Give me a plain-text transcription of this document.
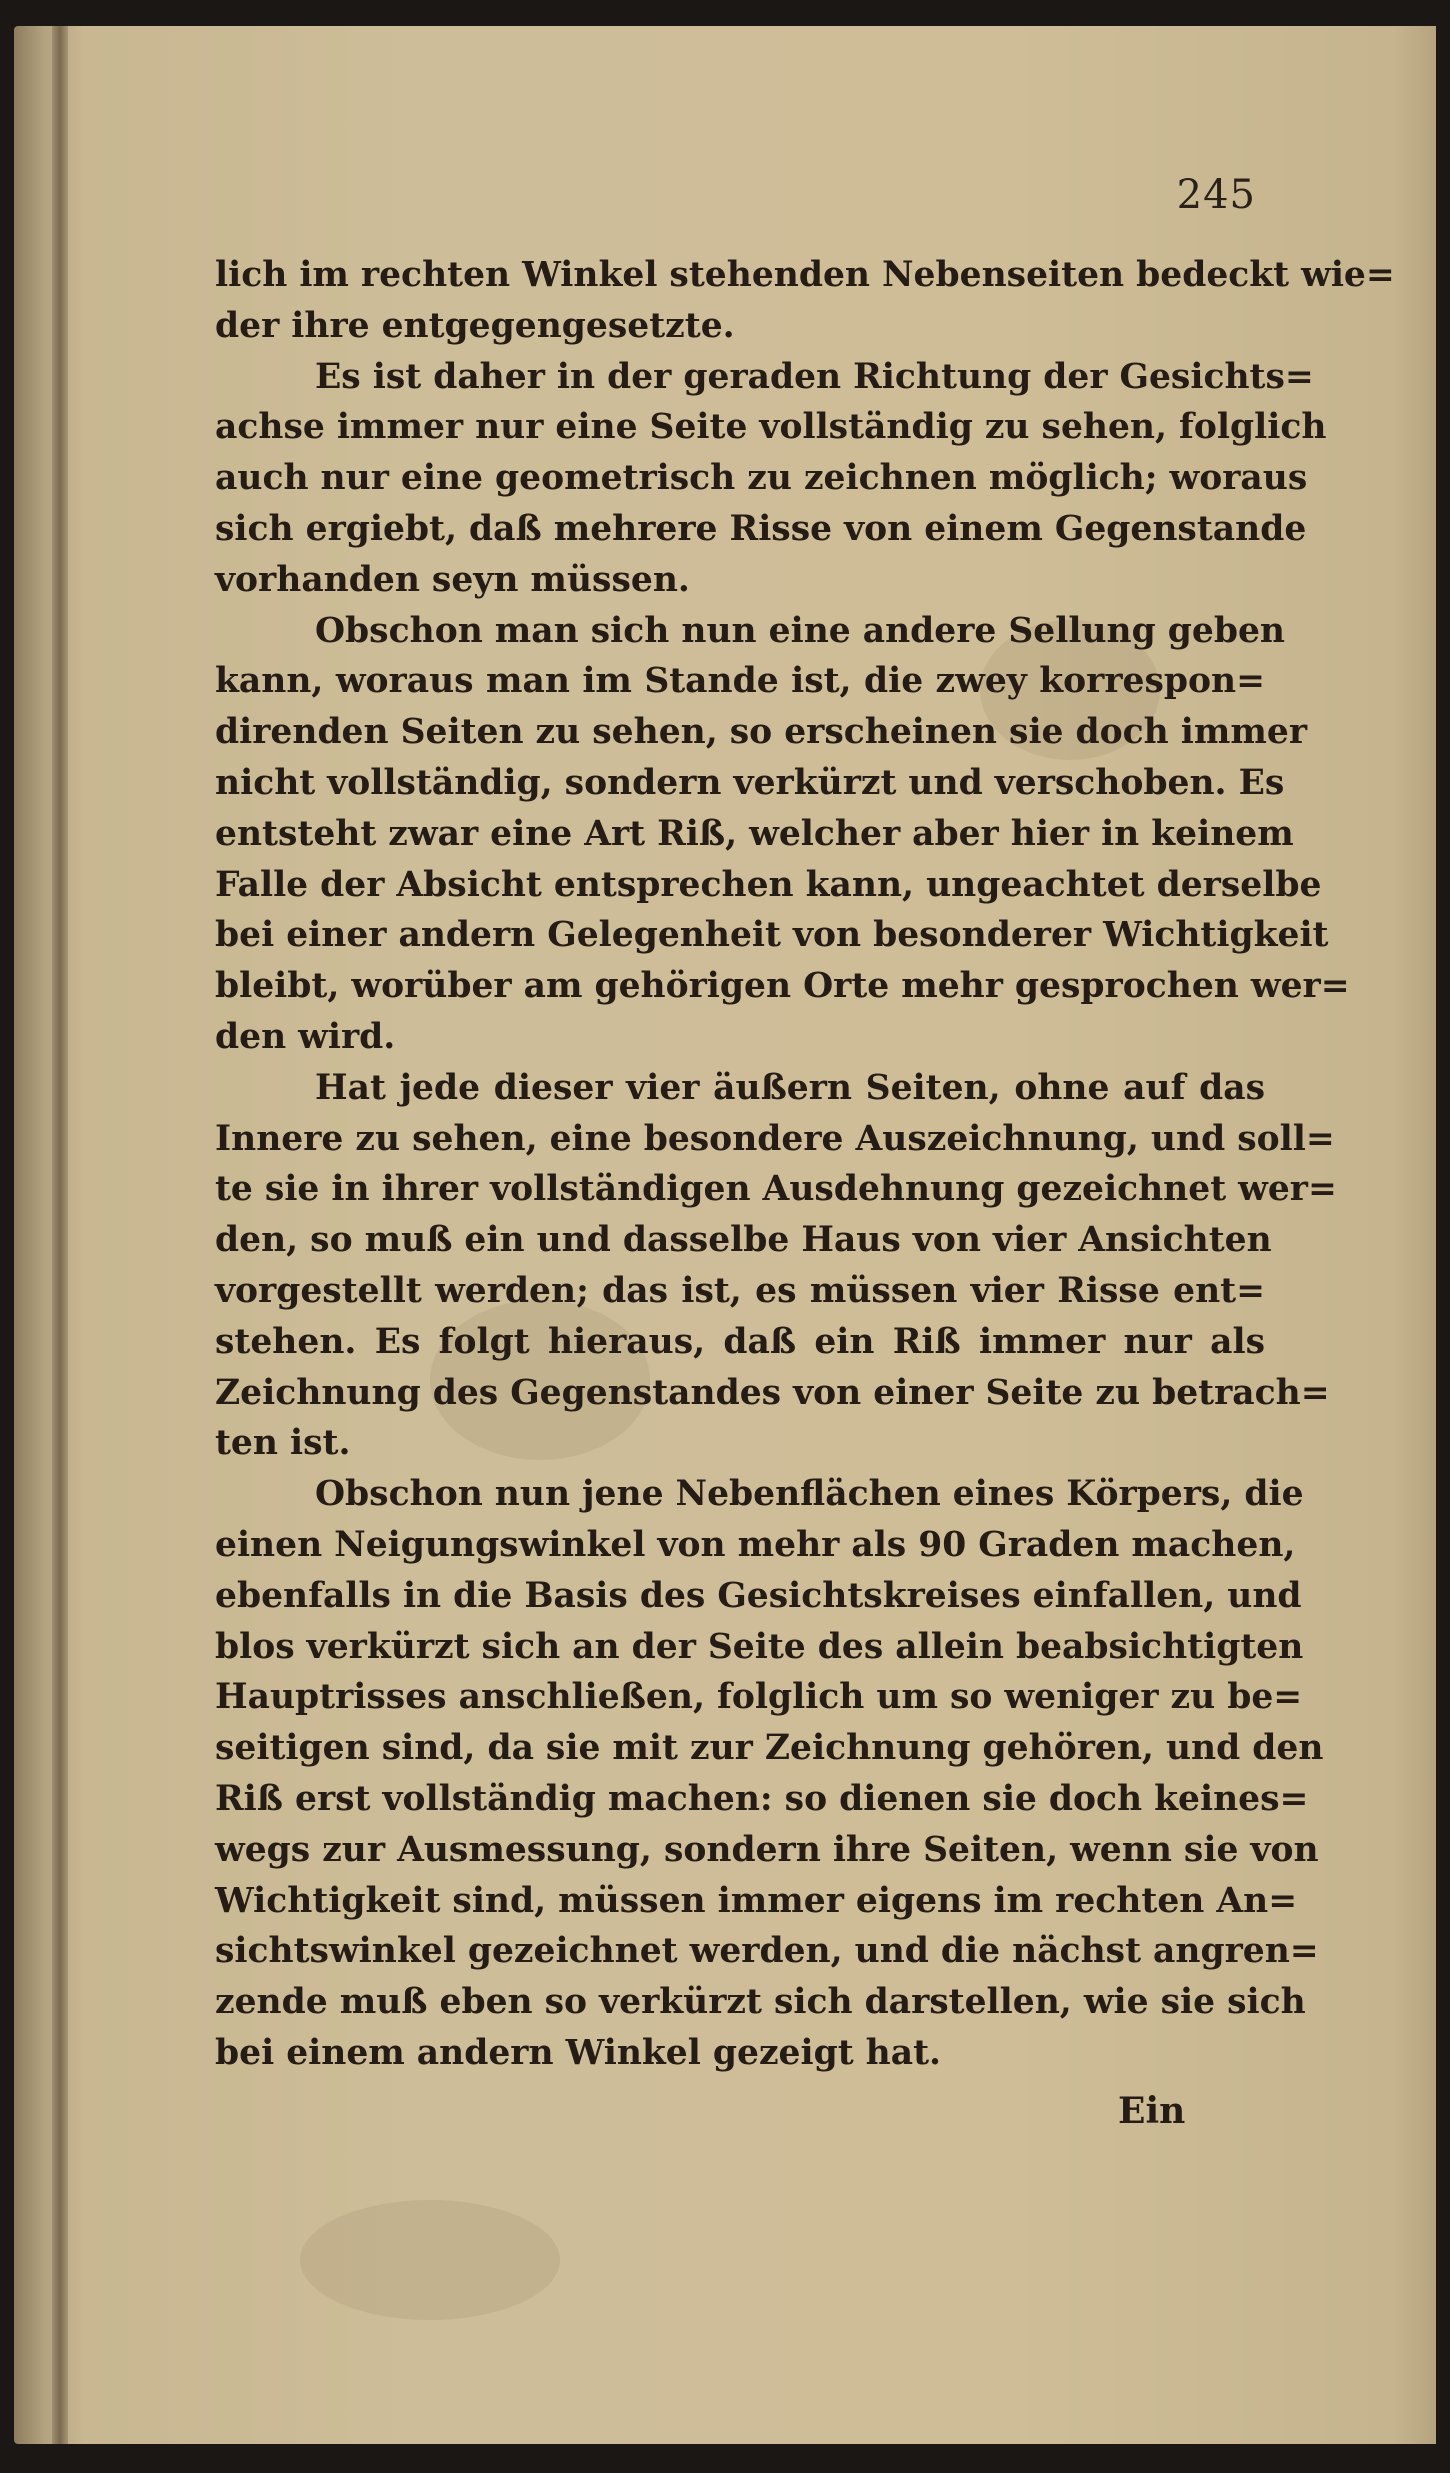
245
lich im rechten Winkel stehenden Nebenseiten bedeckt wie=
der ihre entgegengesetzte.
Es ist daher in der geraden Richtung der Gesichts=
achse immer nur eine Seite vollständig zu sehen, folglich
auch nur eine geometrisch zu zeichnen möglich; woraus
sich ergiebt, daß mehrere Risse von einem Gegenstande
vorhanden seyn müssen.
Obschon man sich nun eine andere Sellung geben
kann, woraus man im Stande ist, die zwey korrespon=
direnden Seiten zu sehen, so erscheinen sie doch immer
nicht vollständig, sondern verkürzt und verschoben. Es
entsteht zwar eine Art Riß, welcher aber hier in keinem
Falle der Absicht entsprechen kann, ungeachtet derselbe
bei einer andern Gelegenheit von besonderer Wichtigkeit
bleibt, worüber am gehörigen Orte mehr gesprochen wer=
den wird.
Hat jede dieser vier äußern Seiten, ohne auf das
Innere zu sehen, eine besondere Auszeichnung, und soll=
te sie in ihrer vollständigen Ausdehnung gezeichnet wer=
den, so muß ein und dasselbe Haus von vier Ansichten
vorgestellt werden; das ist, es müssen vier Risse ent=
stehen. Es folgt hieraus, daß ein Riß immer nur als
Zeichnung des Gegenstandes von einer Seite zu betrach=
ten ist.
Obschon nun jene Nebenflächen eines Körpers, die
einen Neigungswinkel von mehr als 90 Graden machen,
ebenfalls in die Basis des Gesichtskreises einfallen, und
blos verkürzt sich an der Seite des allein beabsichtigten
Hauptrisses anschließen, folglich um so weniger zu be=
seitigen sind, da sie mit zur Zeichnung gehören, und den
Riß erst vollständig machen: so dienen sie doch keines=
wegs zur Ausmessung, sondern ihre Seiten, wenn sie von
Wichtigkeit sind, müssen immer eigens im rechten An=
sichtswinkel gezeichnet werden, und die nächst angren=
zende muß eben so verkürzt sich darstellen, wie sie sich
bei einem andern Winkel gezeigt hat.
Ein
